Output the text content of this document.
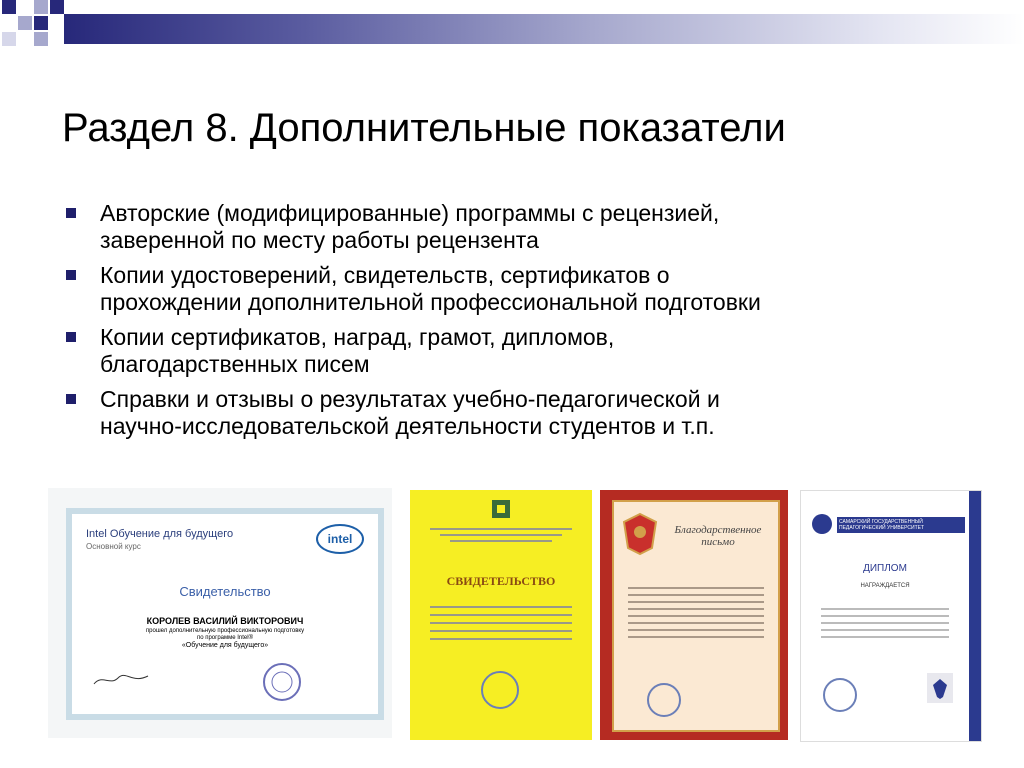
Раздел 8. Дополнительные показатели
Авторские (модифицированные) программы с рецензией,
заверенной по месту работы рецензента
Копии удостоверений, свидетельств, сертификатов о
прохождении дополнительной профессиональной подготовки
Копии сертификатов, наград, грамот, дипломов,
благодарственных писем
Справки и отзывы о результатах учебно-педагогической и
научно-исследовательской деятельности студентов и т.п.
Intel Обучение для будущего
Основной курс
intel
Свидетельство
КОРОЛЕВ ВАСИЛИЙ ВИКТОРОВИЧ
прошел дополнительную профессиональную подготовку
по программе Intel®
«Обучение для будущего»
СВИДЕТЕЛЬСТВО
Благодарственное письмо
САМАРСКИЙ ГОСУДАРСТВЕННЫЙ ПЕДАГОГИЧЕСКИЙ УНИВЕРСИТЕТ
ДИПЛОМ
НАГРАЖДАЕТСЯ
